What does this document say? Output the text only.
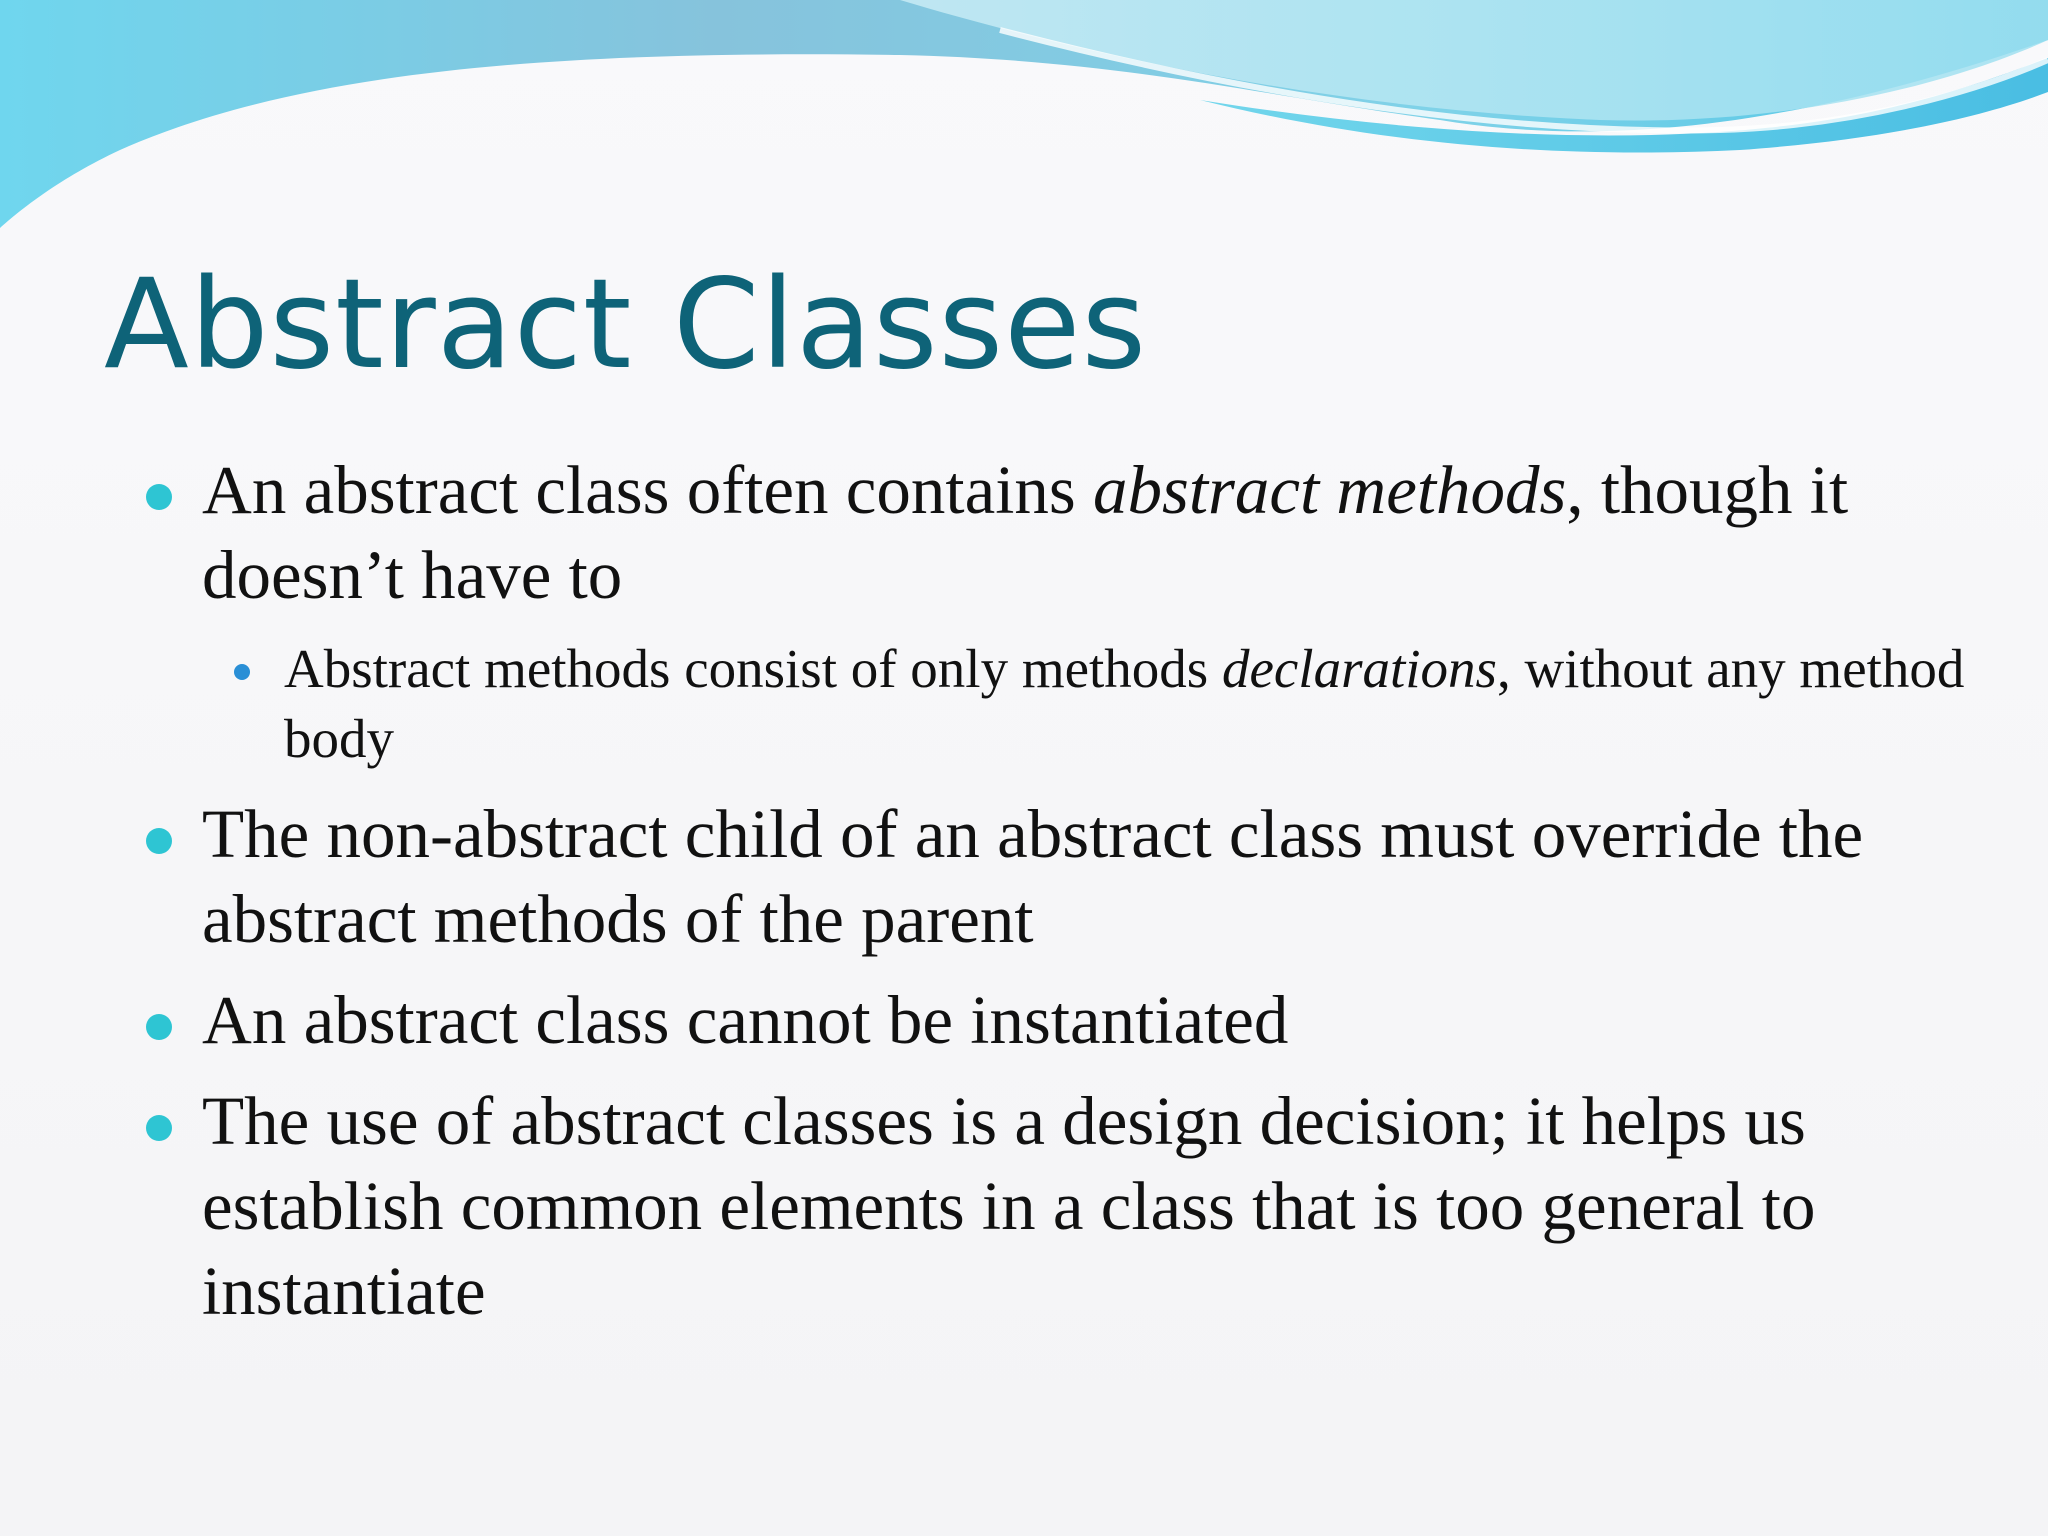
Abstract Classes
An abstract class often contains abstract methods, though it doesn’t have to
Abstract methods consist of only methods declarations, without any method body
The non-abstract child of an abstract class must override the abstract methods of the parent
An abstract class cannot be instantiated
The use of abstract classes is a design decision; it helps us establish common elements in a class that is too general to instantiate
